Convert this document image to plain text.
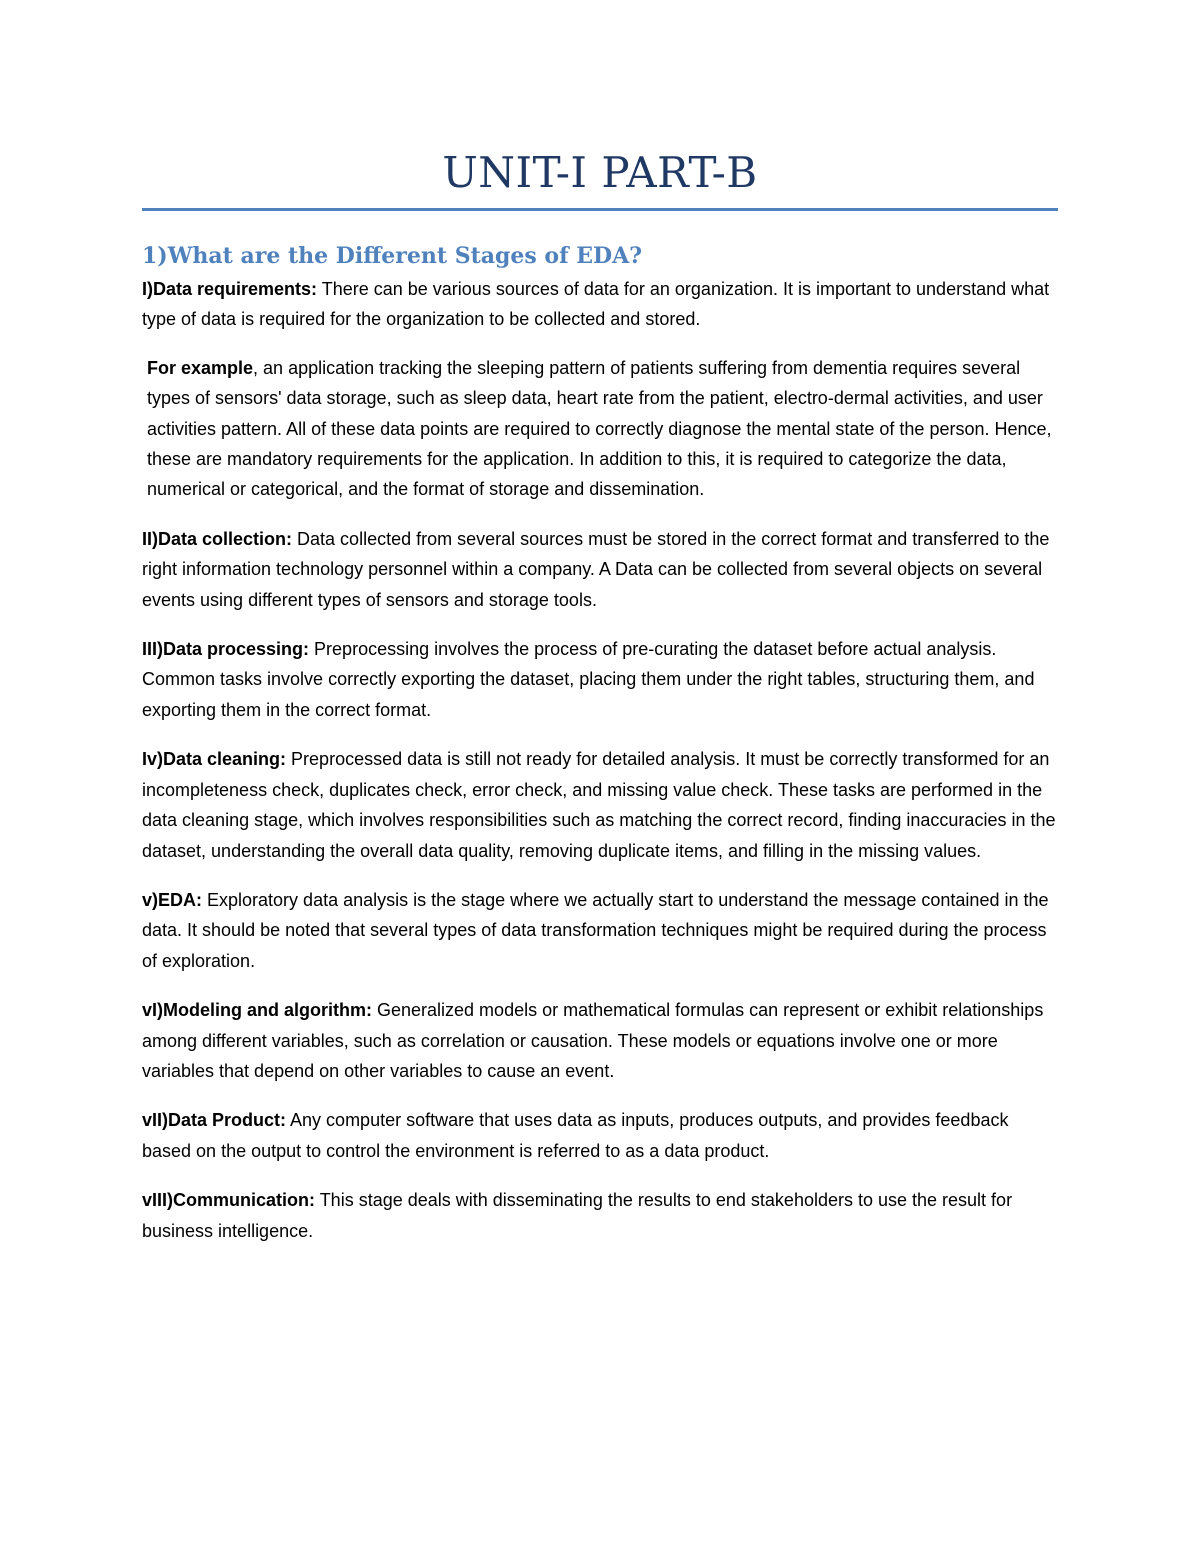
UNIT-I PART-B
1)What are the Different Stages of EDA?

I)Data requirements: There can be various sources of data for an organization. It is important to understand what type of data is required for the organization to be collected and stored.

For example, an application tracking the sleeping pattern of patients suffering from dementia requires several types of sensors' data storage, such as sleep data, heart rate from the patient, electro-dermal activities, and user activities pattern. All of these data points are required to correctly diagnose the mental state of the person. Hence, these are mandatory requirements for the application. In addition to this, it is required to categorize the data, numerical or categorical, and the format of storage and dissemination.

II)Data collection: Data collected from several sources must be stored in the correct format and transferred to the right information technology personnel within a company. A Data can be collected from several objects on several events using different types of sensors and storage tools.

III)Data processing: Preprocessing involves the process of pre-curating the dataset before actual analysis. Common tasks involve correctly exporting the dataset, placing them under the right tables, structuring them, and exporting them in the correct format.

Iv)Data cleaning: Preprocessed data is still not ready for detailed analysis. It must be correctly transformed for an incompleteness check, duplicates check, error check, and missing value check. These tasks are performed in the data cleaning stage, which involves responsibilities such as matching the correct record, finding inaccuracies in the dataset, understanding the overall data quality, removing duplicate items, and filling in the missing values.

v)EDA: Exploratory data analysis is the stage where we actually start to understand the message contained in the data. It should be noted that several types of data transformation techniques might be required during the process of exploration.

vI)Modeling and algorithm: Generalized models or mathematical formulas can represent or exhibit relationships among different variables, such as correlation or causation. These models or equations involve one or more variables that depend on other variables to cause an event.

vII)Data Product: Any computer software that uses data as inputs, produces outputs, and provides feedback based on the output to control the environment is referred to as a data product.

vIII)Communication: This stage deals with disseminating the results to end stakeholders to use the result for business intelligence.
